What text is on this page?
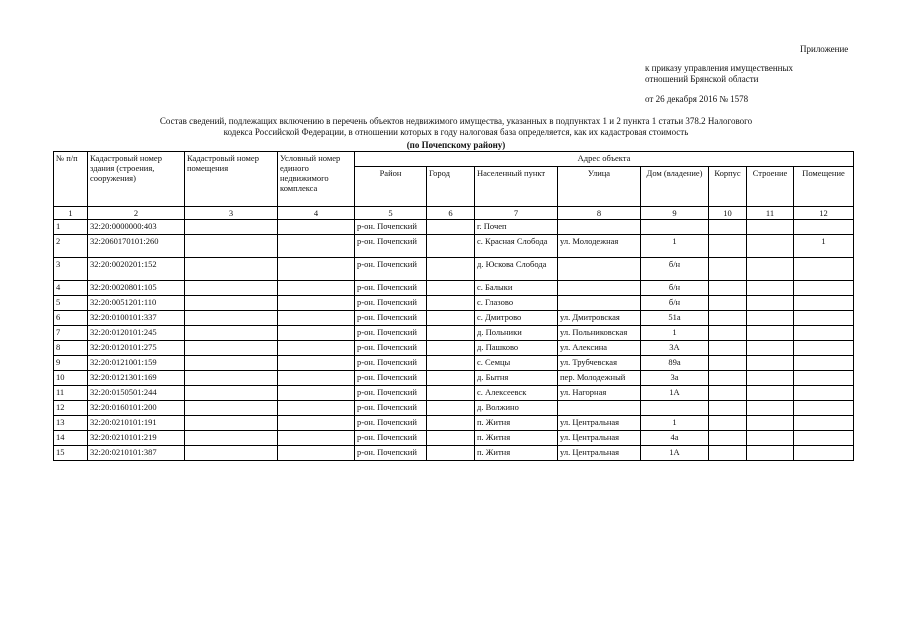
Приложение
к приказу управления имущественных
отношений Брянской области
от 26 декабря 2016 № 1578
Состав сведений, подлежащих включению в перечень объектов недвижимого имущества, указанных в подпунктах 1 и 2 пункта 1 статьи 378.2 Налогового
кодекса Российской Федерации, в отношении которых в году налоговая база определяется, как их кадастровая стоимость
(по Почепскому району)
№ п/п	Кадастровый номер здания (строения, сооружения)	Кадастровый номер помещения	Условный номер единого недвижимого комплекса	Адрес объекта							
				Район	Город	Населенный пункт	Улица	Дом (владение)	Корпус	Строение	Помещение
1	2	3	4	5	6	7	8	9	10	11	12
1	32:20:0000000:403			р-он. Почепский		г. Почеп					
2	32:2060170101:260			р-он. Почепский		с. Красная Слобода	ул. Молодежная	1			1
3	32:20:0020201:152			р-он. Почепский		д. Юскова Слобода		б/н			
4	32:20:0020801:105			р-он. Почепский		с. Балыки		б/н			
5	32:20:0051201:110			р-он. Почепский		с. Глазово		б/н			
6	32:20:0100101:337			р-он. Почепский		с. Дмитрово	ул. Дмитровская	51а			
7	32:20:0120101:245			р-он. Почепский		д. Польники	ул. Польниковская	1			
8	32:20:0120101:275			р-он. Почепский		д. Пашково	ул. Алексина	3А			
9	32:20:0121001:159			р-он. Почепский		с. Семцы	ул. Трубчевская	89а			
10	32:20:0121301:169			р-он. Почепский		д. Бытня	пер. Молодежный	3а			
11	32:20:0150501:244			р-он. Почепский		с. Алексеевск	ул. Нагорная	1А			
12	32:20:0160101:200			р-он. Почепский		д. Волжино					
13	32:20:0210101:191			р-он. Почепский		п. Житня	ул. Центральная	1			
14	32:20:0210101:219			р-он. Почепский		п. Житня	ул. Центральная	4а			
15	32:20:0210101:387			р-он. Почепский		п. Житня	ул. Центральная	1А			
